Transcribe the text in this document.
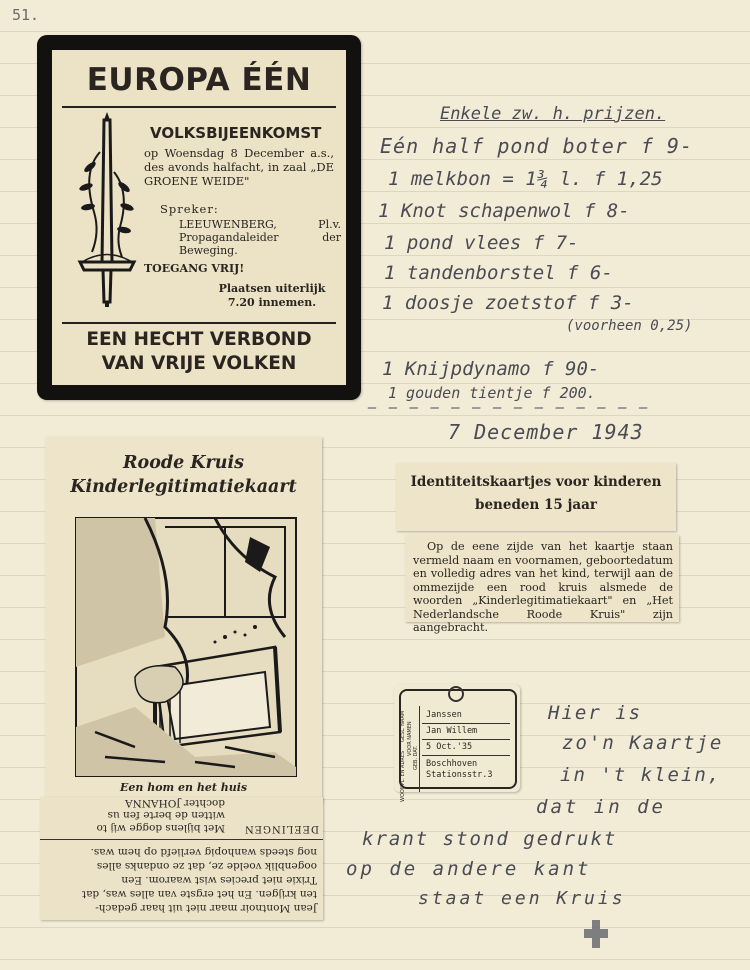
51.
EUROPA ÉÉN
VOLKSBIJEENKOMST
op Woensdag 8 December a.s., des avonds halfacht, in zaal „DE GROENE WEIDE"
Spreker:
LEEUWENBERG, Pl.v. Propagandaleider der Beweging.
TOEGANG VRIJ!
Plaatsen uiterlijk 7.20 innemen.
EEN HECHT VERBOND
VAN VRIJE VOLKEN
Enkele zw. h. prijzen.
Eén half pond boter f 9-
1 melkbon = 1¾ l. f 1,25
1 Knot schapenwol f 8-
1 pond vlees f 7-
1 tandenborstel f 6-
1 doosje zoetstof f 3-
(voorheen 0,25)
1 Knijpdynamo f 90-
1 gouden tientje f 200.
— — — — — — — — — — — — — —
7 December 1943
Roode Kruis
Kinderlegitimatiekaart
Een hom en het huis
Jean Montnoir maar niet uit haar gedach-
ten krijgen. En het ergste van alles was, dat
Trixie niet precies wist waarom. Een
oogenblik voelde ze, dat ze ondanks alles
nog steeds wanhopig verliefd op hem was.
DEELINGEN
Met bijlens dogge wij to
witten de berte fen us
dochter JOHANNA
Identiteitskaartjes voor kinderen
beneden 15 jaar
Op de eene zijde van het kaartje staan vermeld naam en voornamen, geboortedatum en volledig adres van het kind, terwijl aan de ommezijde een rood kruis alsmede de woorden „Kinderlegitimatiekaart" en „Het Nederlandsche Roode Kruis" zijn aangebracht.
GESL. NAAM VOOR NAMEN
GEB. DAT.
WOONPL. EN ADRES
Janssen
Jan Willem
5 Oct.'35
Boschhoven
Stationsstr.3
Hier is
zo'n Kaartje
in 't klein,
dat in de
krant stond gedrukt
op de andere kant
staat een Kruis
